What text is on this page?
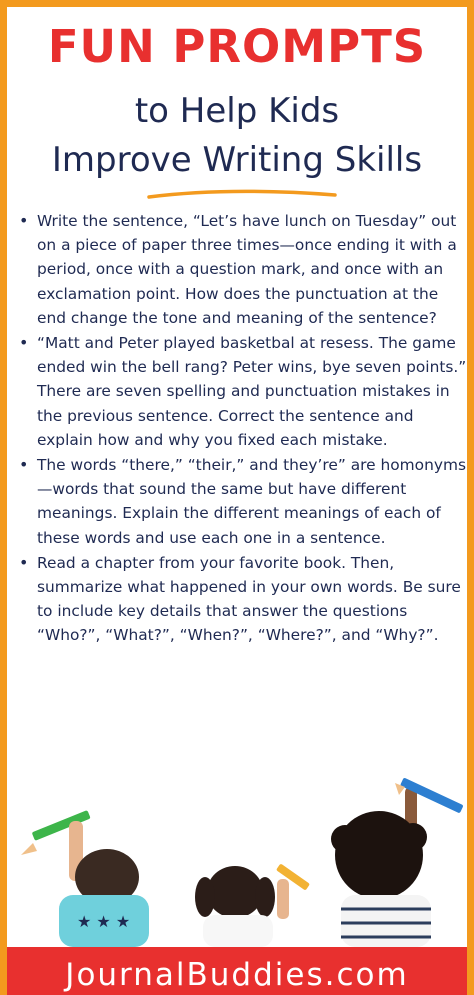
FUN PROMPTS
to Help Kids
Improve Writing Skills
• Write the sentence, “Let’s have lunch on Tuesday” out on a piece of paper three times—once ending it with a period, once with a question mark, and once with an exclamation point. How does the punctuation at the end change the tone and meaning of the sentence?
• “Matt and Peter played basketbal at resess. The game ended win the bell rang? Peter wins, bye seven points.” There are seven spelling and punctuation mistakes in the previous sentence. Correct the sentence and explain how and why you fixed each mistake.
• The words “there,” “their,” and they’re” are homonyms—words that sound the same but have different meanings. Explain the different meanings of each of these words and use each one in a sentence.
• Read a chapter from your favorite book. Then, summarize what happened in your own words. Be sure to include key details that answer the questions “Who?”, “What?”, “When?”, “Where?”, and “Why?”.
★ ★ ★
JournalBuddies.com
